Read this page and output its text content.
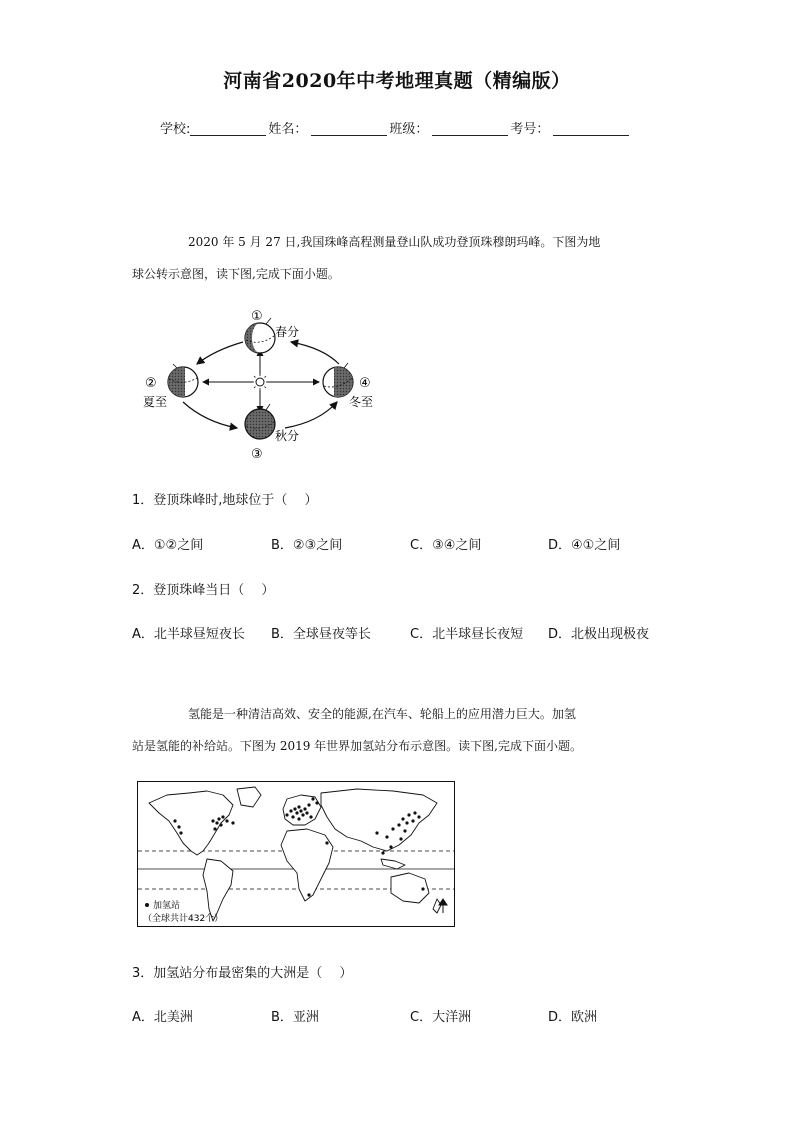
河南省2020年中考地理真题（精编版）
学校:	姓名：	班级：	考号：
2020 年 5 月 27 日,我国珠峰高程测量登山队成功登顶珠穆朗玛峰。下图为地
球公转示意图，读下图,完成下面小题。
①
春分
②
夏至
秋分
③
④
冬至
1．登顶珠峰时,地球位于（　 ）
A．①②之间	B．②③之间	C．③④之间	D．④①之间
2．登顶珠峰当日（　 ）
A．北半球昼短夜长 B．全球昼夜等长	C．北半球昼长夜短 D．北极出现极夜
氢能是一种清洁高效、安全的能源,在汽车、轮船上的应用潜力巨大。加氢
站是氢能的补给站。下图为 2019 年世界加氢站分布示意图。读下图,完成下面小题。
加氢站
（全球共计432个）
3．加氢站分布最密集的大洲是（　 ）
A．北美洲	B．亚洲	C．大洋洲	D．欧洲
